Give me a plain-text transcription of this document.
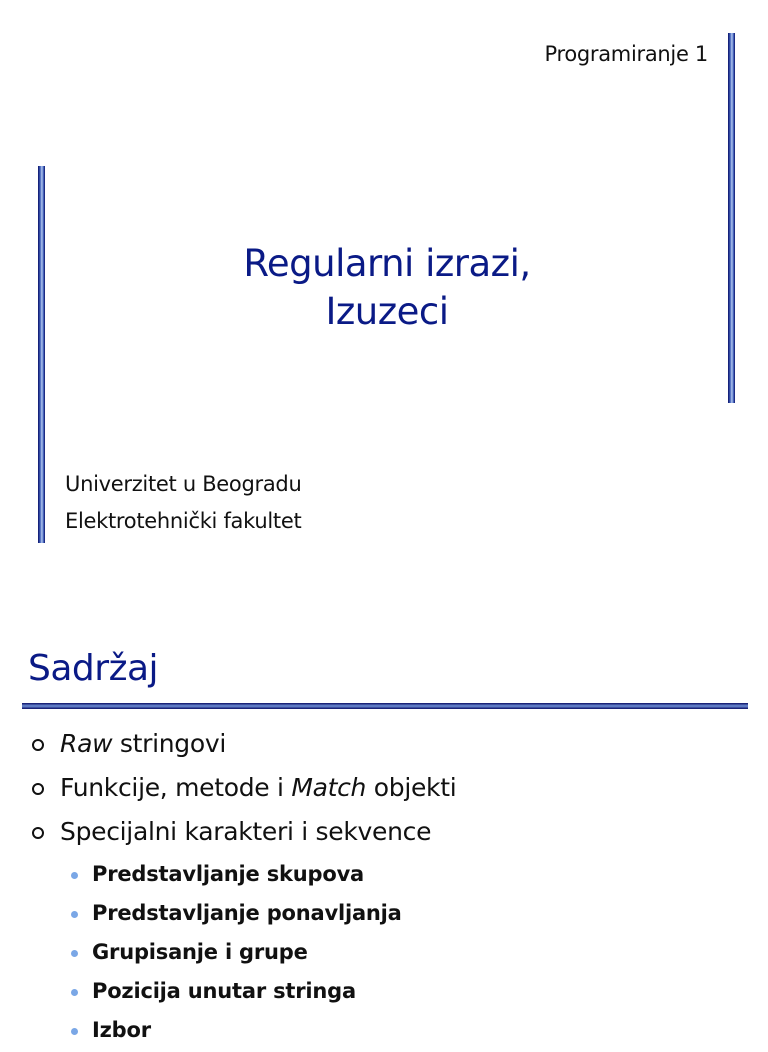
Programiranje 1
Regularni izrazi,
Izuzeci
Univerzitet u Beogradu
Elektrotehnički fakultet
Sadržaj
Raw stringovi
Funkcije, metode i Match objekti
Specijalni karakteri i sekvence
Predstavljanje skupova
Predstavljanje ponavljanja
Grupisanje i grupe
Pozicija unutar stringa
Izbor
